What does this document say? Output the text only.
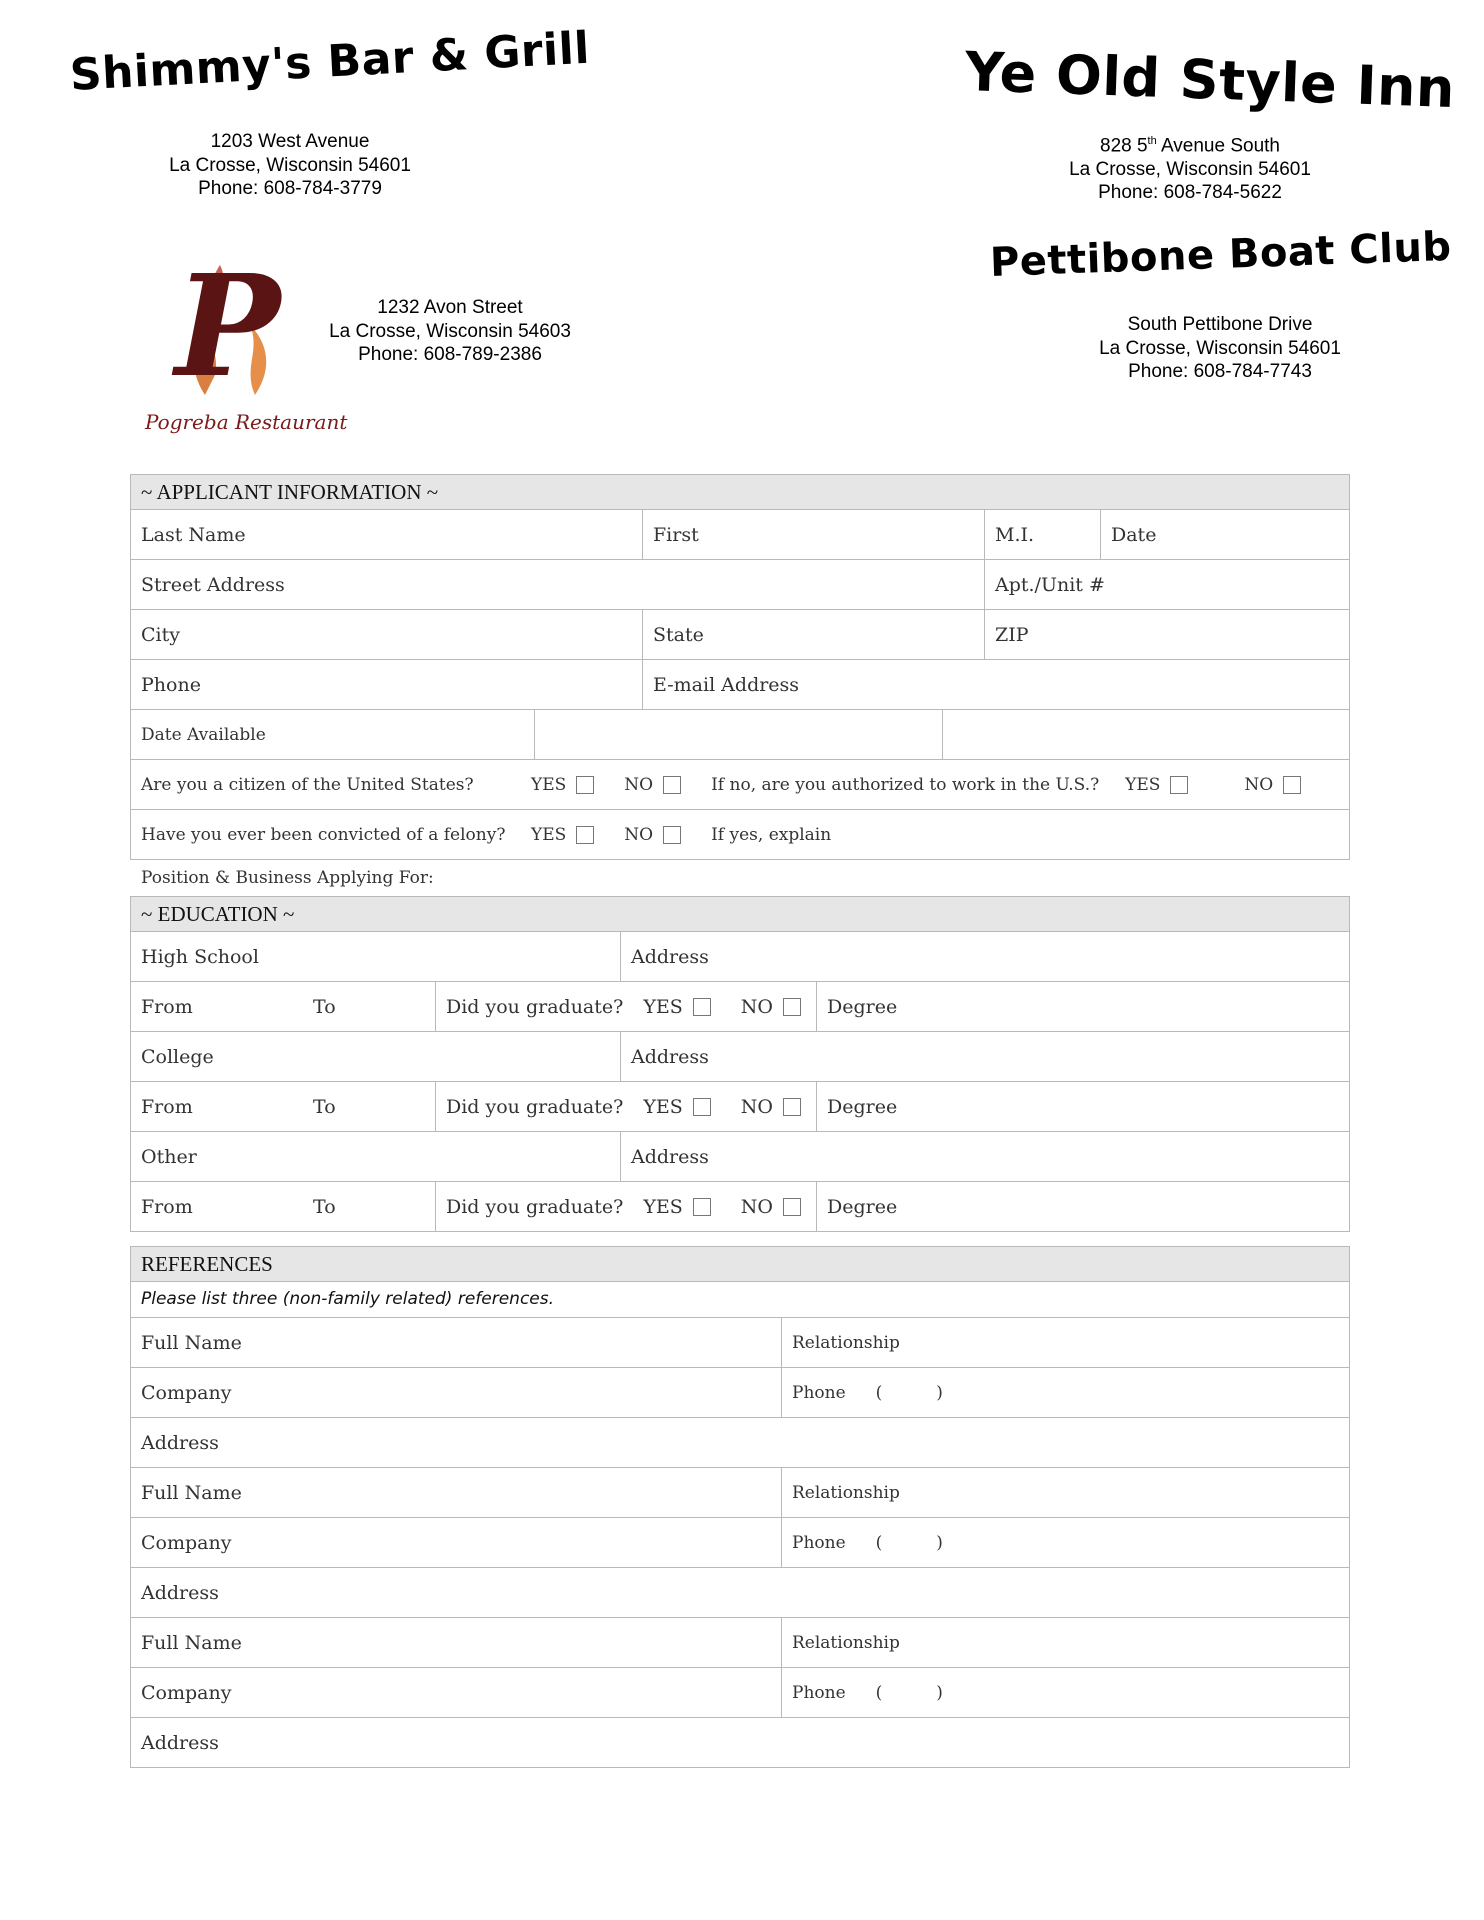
Shimmy's Bar & Grill
1203 West Avenue
La Crosse, Wisconsin 54601
Phone: 608-784-3779
Ye Old Style Inn
828 5th Avenue South
La Crosse, Wisconsin 54601
Phone: 608-784-5622
P
Pogreba Restaurant
1232 Avon Street
La Crosse, Wisconsin 54603
Phone: 608-789-2386
Pettibone Boat Club
South Pettibone Drive
La Crosse, Wisconsin 54601
Phone: 608-784-7743
~ APPLICANT INFORMATION ~
Last Name	First	M.I.	Date
Street Address	Apt./Unit #
City	State	ZIP
Phone	E-mail Address
Date Available
Are you a citizen of the United States?	YES	NO	If no, are you authorized to work in the U.S.?	YES	NO
Have you ever been convicted of a felony?	YES	NO	If yes, explain
Position & Business Applying For:
~ EDUCATION ~
High School	Address
From	To	Did you graduate? YES	NO	Degree
College	Address
From	To	Did you graduate? YES	NO	Degree
Other	Address
From	To	Did you graduate? YES	NO	Degree
REFERENCES
Please list three (non-family related) references.
Full Name	Relationship
Company	Phone (	)
Address
Full Name	Relationship
Company	Phone (	)
Address
Full Name	Relationship
Company	Phone (	)
Address
